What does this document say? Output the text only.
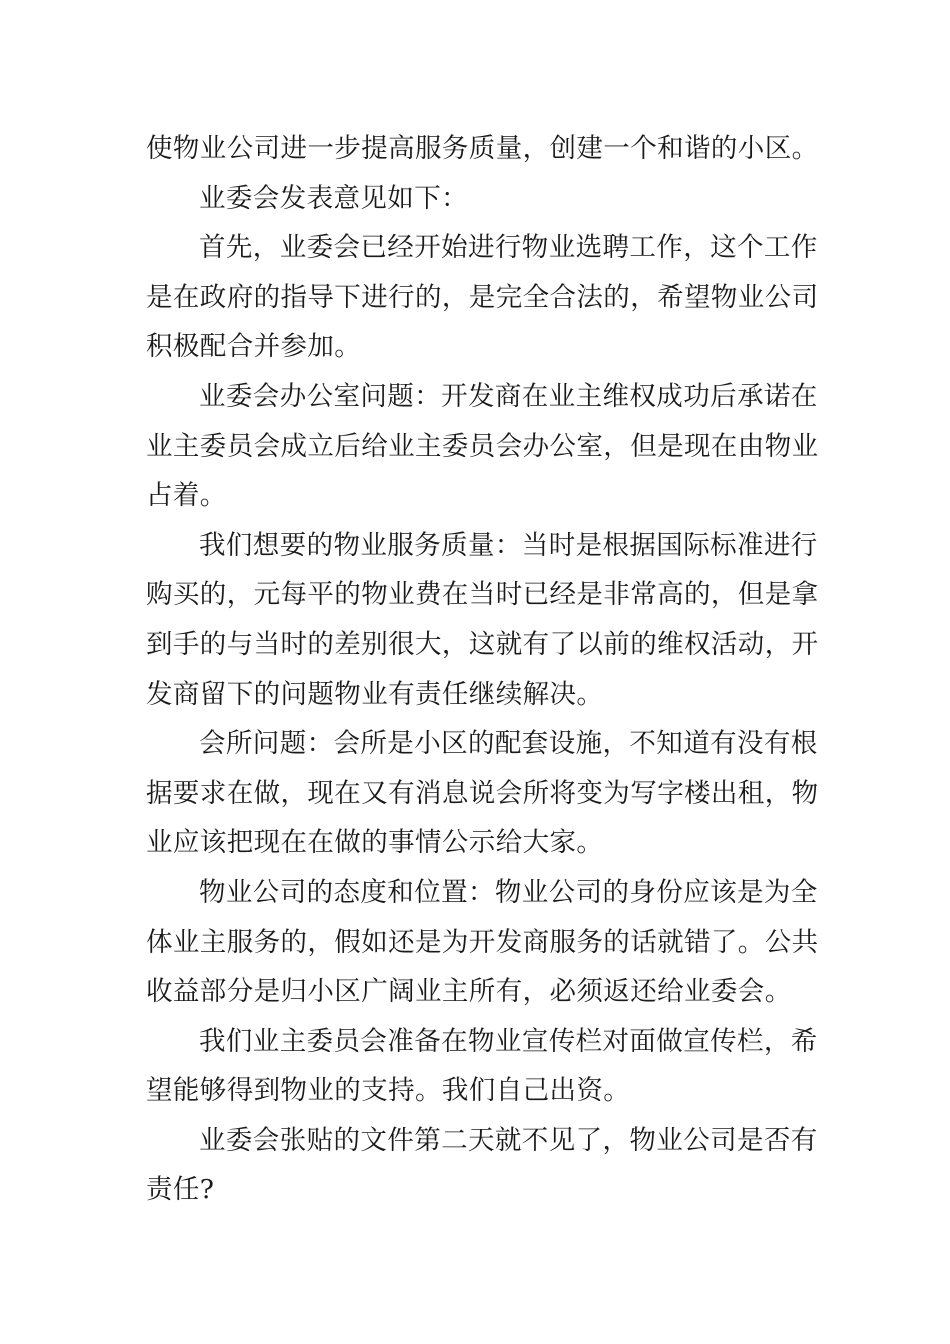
使物业公司进一步提高服务质量，创建一个和谐的小区。
业委会发表意见如下：
首先，业委会已经开始进行物业选聘工作，这个工作
是在政府的指导下进行的，是完全合法的，希望物业公司
积极配合并参加。
业委会办公室问题：开发商在业主维权成功后承诺在
业主委员会成立后给业主委员会办公室，但是现在由物业
占着。
我们想要的物业服务质量：当时是根据国际标准进行
购买的，元每平的物业费在当时已经是非常高的，但是拿
到手的与当时的差别很大，这就有了以前的维权活动，开
发商留下的问题物业有责任继续解决。
会所问题：会所是小区的配套设施，不知道有没有根
据要求在做，现在又有消息说会所将变为写字楼出租，物
业应该把现在在做的事情公示给大家。
物业公司的态度和位置：物业公司的身份应该是为全
体业主服务的，假如还是为开发商服务的话就错了。公共
收益部分是归小区广阔业主所有，必须返还给业委会。
我们业主委员会准备在物业宣传栏对面做宣传栏，希
望能够得到物业的支持。我们自己出资。
业委会张贴的文件第二天就不见了，物业公司是否有
责任?
